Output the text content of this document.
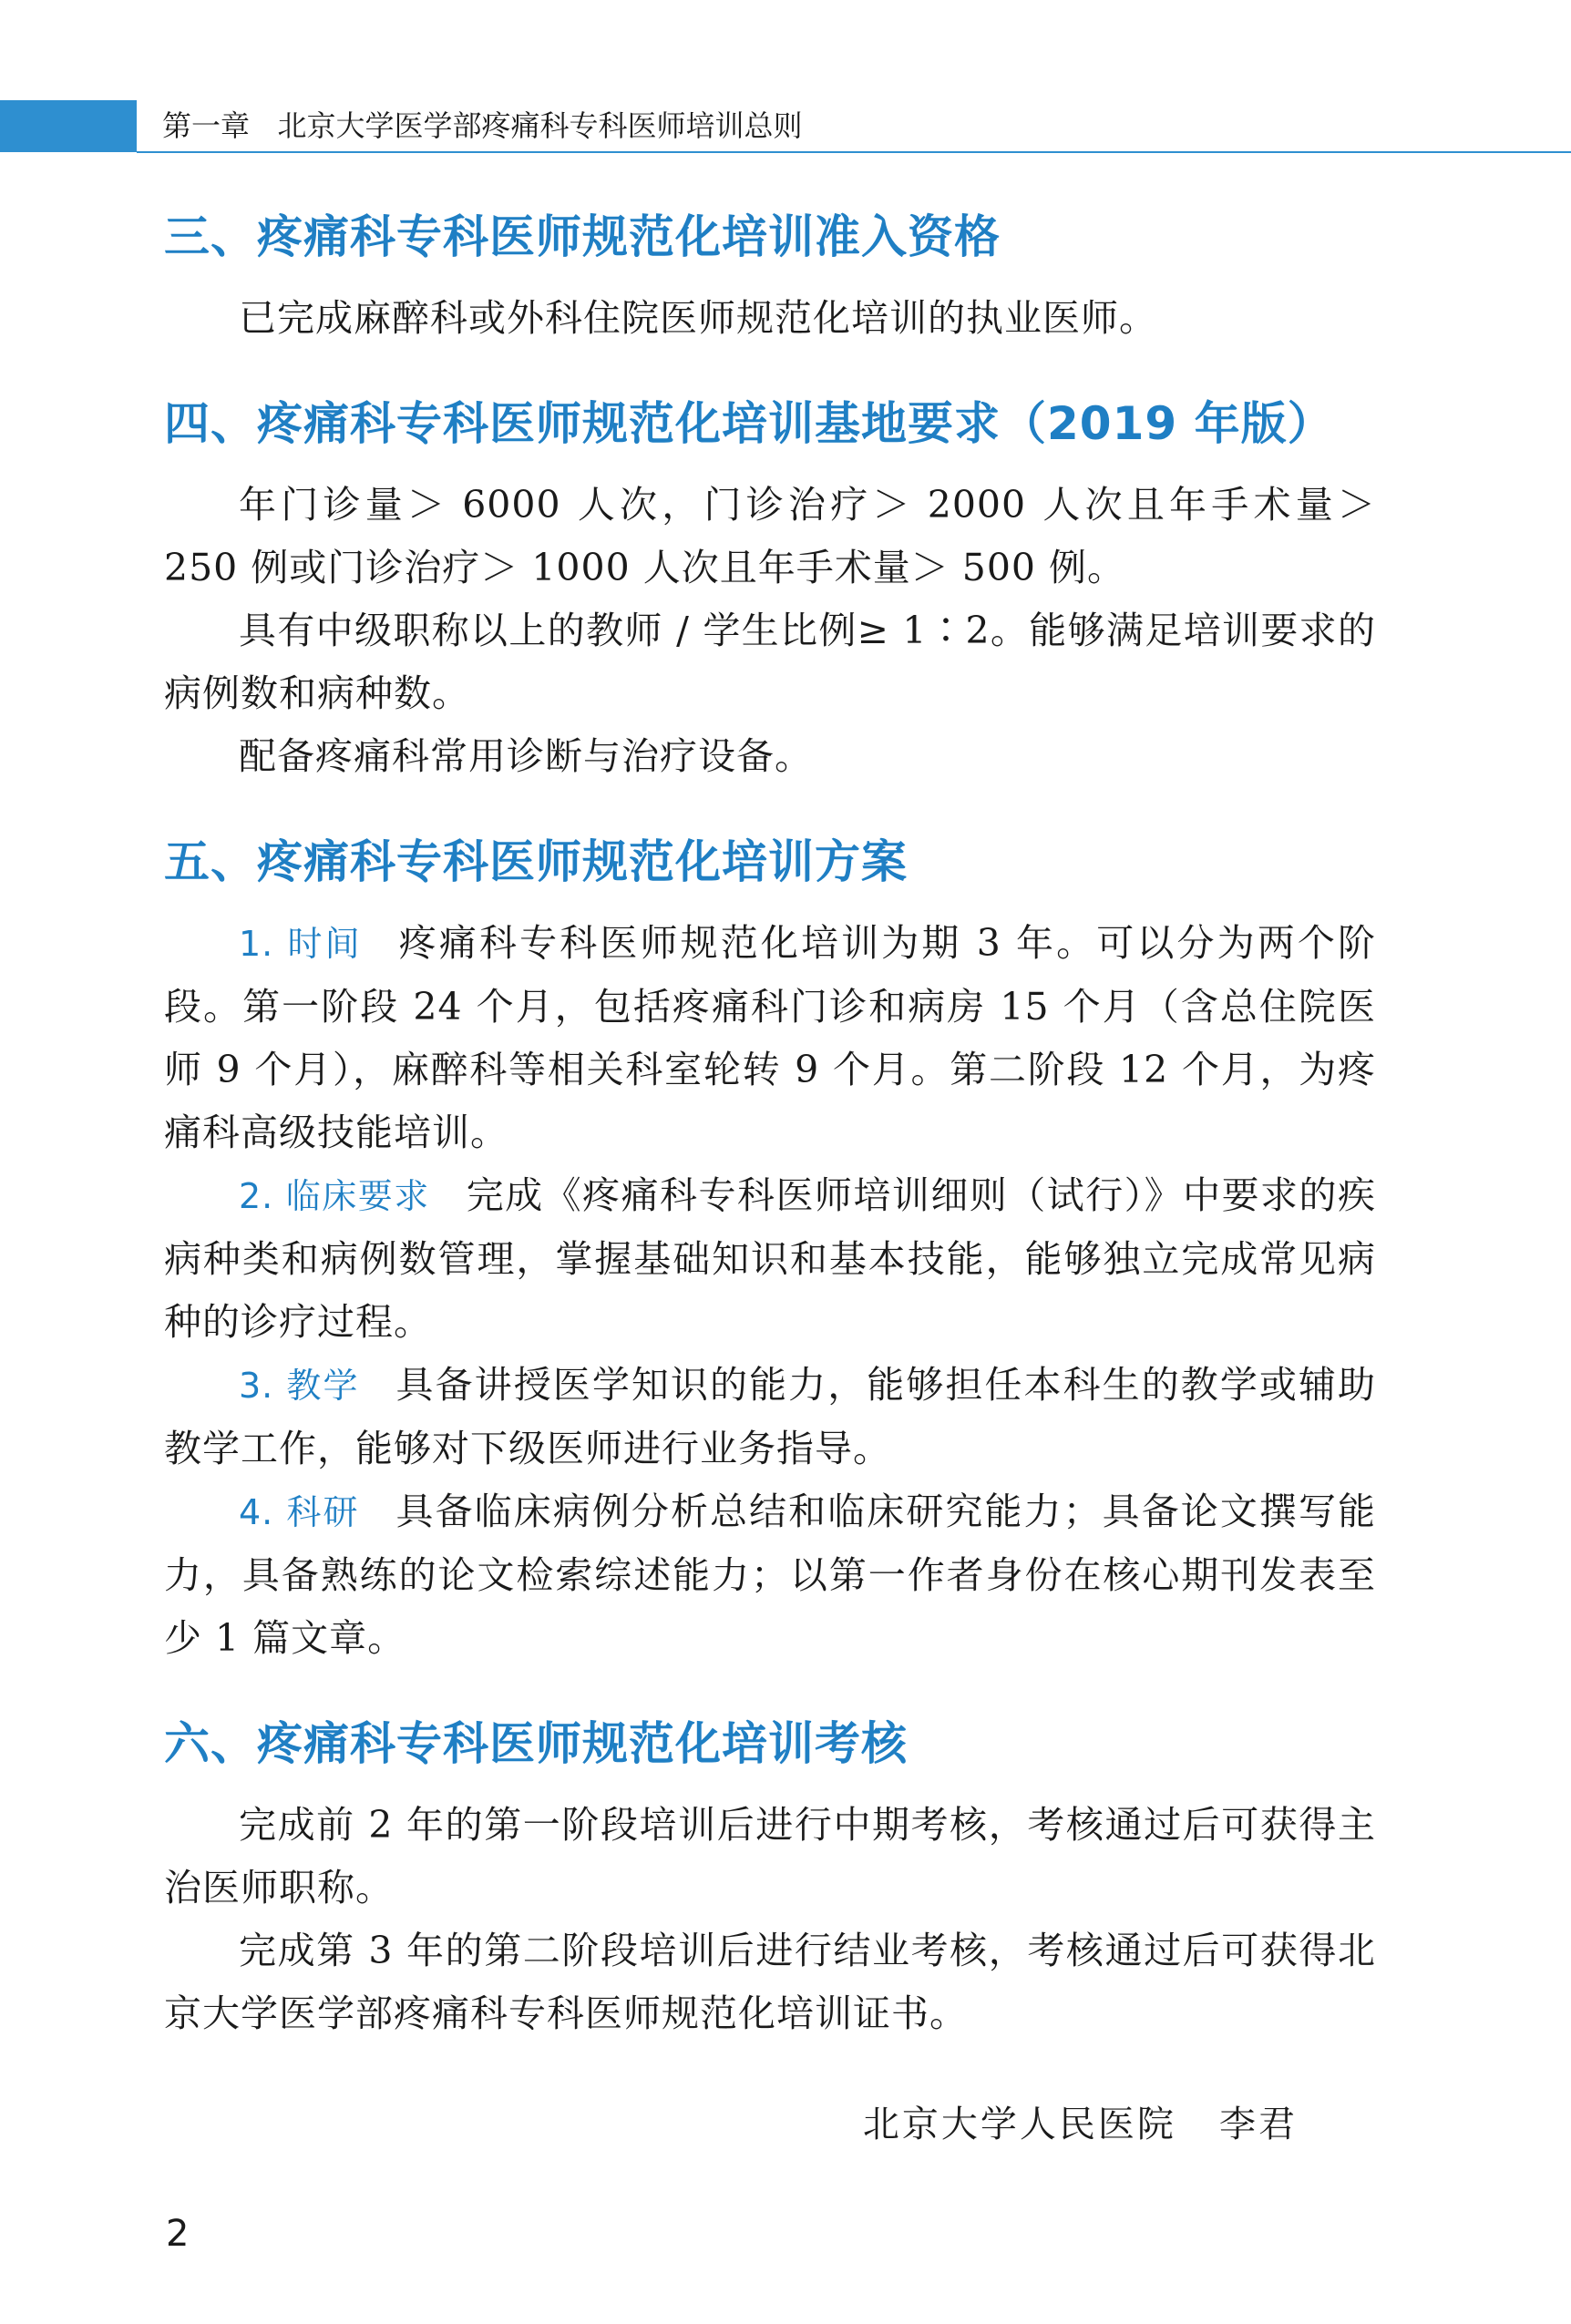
第一章 北京大学医学部疼痛科专科医师培训总则
三、疼痛科专科医师规范化培训准入资格

已完成麻醉科或外科住院医师规范化培训的执业医师。

四、疼痛科专科医师规范化培训基地要求（2019 年版）

年门诊量＞ 6000 人次，门诊治疗＞ 2000 人次且年手术量＞ 250 例或门诊治疗＞ 1000 人次且年手术量＞ 500 例。

具有中级职称以上的教师 / 学生比例≥ 1∶2。能够满足培训要求的病例数和病种数。

配备疼痛科常用诊断与治疗设备。

五、疼痛科专科医师规范化培训方案

1. 时间 疼痛科专科医师规范化培训为期 3 年。可以分为两个阶段。第一阶段 24 个月，包括疼痛科门诊和病房 15 个月（含总住院医师 9 个月），麻醉科等相关科室轮转 9 个月。第二阶段 12 个月，为疼痛科高级技能培训。

2. 临床要求 完成《疼痛科专科医师培训细则（试行）》中要求的疾病种类和病例数管理，掌握基础知识和基本技能，能够独立完成常见病种的诊疗过程。

3. 教学 具备讲授医学知识的能力，能够担任本科生的教学或辅助教学工作，能够对下级医师进行业务指导。

4. 科研 具备临床病例分析总结和临床研究能力；具备论文撰写能力，具备熟练的论文检索综述能力；以第一作者身份在核心期刊发表至少 1 篇文章。

六、疼痛科专科医师规范化培训考核

完成前 2 年的第一阶段培训后进行中期考核，考核通过后可获得主治医师职称。

完成第 3 年的第二阶段培训后进行结业考核，考核通过后可获得北京大学医学部疼痛科专科医师规范化培训证书。

北京大学人民医院 李君
2
